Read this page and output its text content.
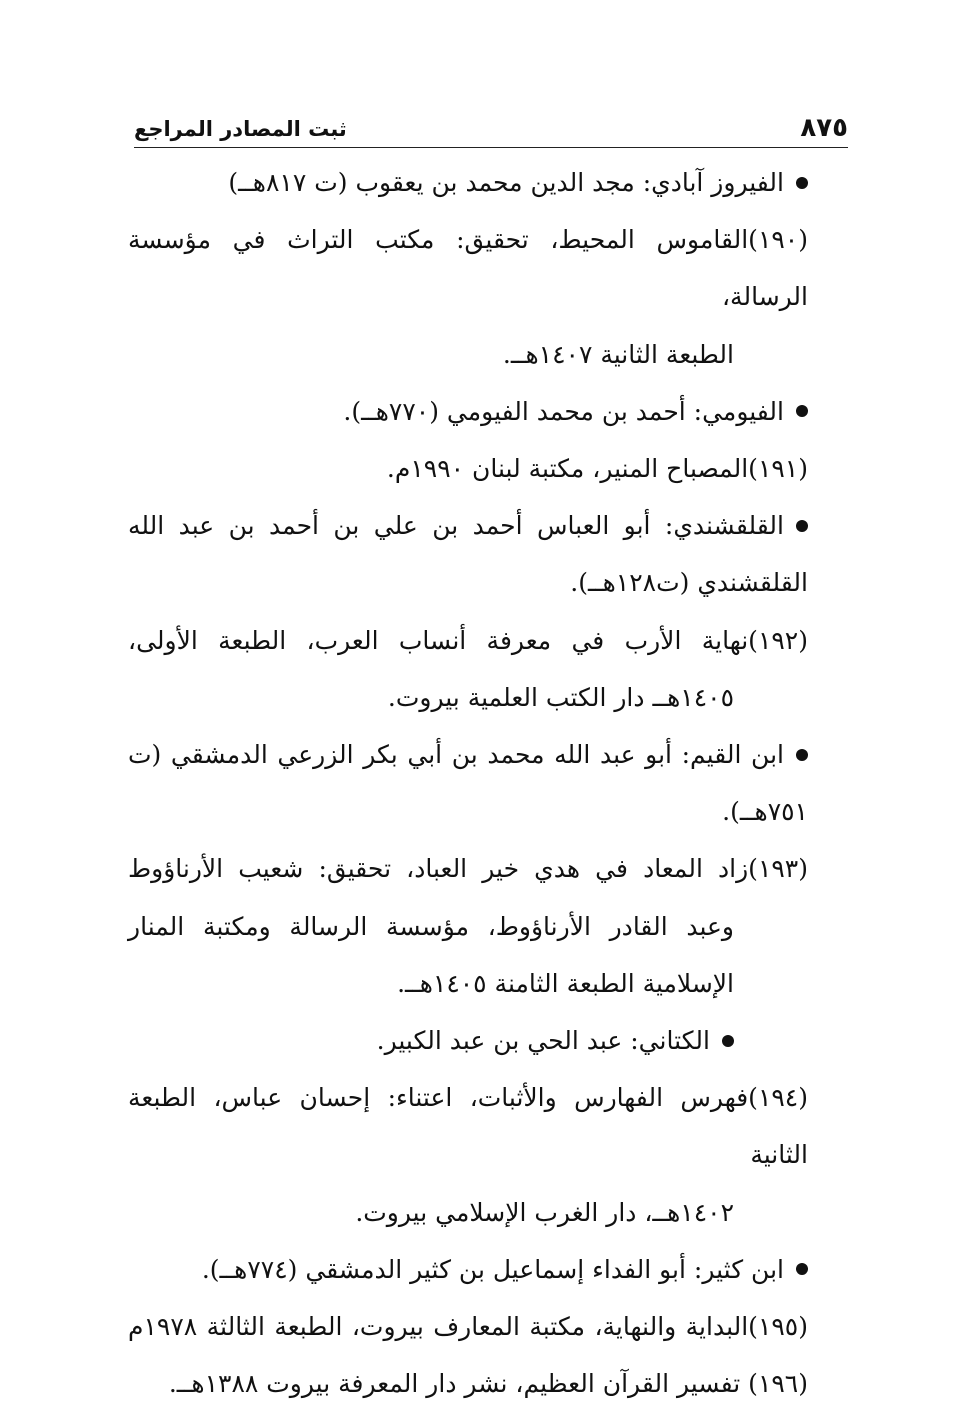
٨٧٥
ثبت المصادر المراجع

الفيروز آبادي: مجد الدين محمد بن يعقوب (ت ٨١٧هــ)

(١٩٠)القاموس المحيط، تحقيق: مكتب التراث في مؤسسة الرسالة،
الطبعة الثانية ١٤٠٧هــ.

الفيومي: أحمد بن محمد الفيومي (٧٧٠هــ).

(١٩١)المصباح المنير، مكتبة لبنان ١٩٩٠م.

القلقشندي: أبو العباس أحمد بن علي بن أحمد بن عبد الله
القلقشندي (ت١٢٨هــ).

(١٩٢)نهاية الأرب في معرفة أنساب العرب، الطبعة الأولى،
١٤٠٥هــ دار الكتب العلمية بيروت.

ابن القيم: أبو عبد الله محمد بن أبي بكر الزرعي الدمشقي (ت
٧٥١هــ).

(١٩٣)زاد المعاد في هدي خير العباد، تحقيق: شعيب الأرناؤوط
وعبد القادر الأرناؤوط، مؤسسة الرسالة ومكتبة المنار
الإسلامية الطبعة الثامنة ١٤٠٥هــ.

الكتاني: عبد الحي بن عبد الكبير.

(١٩٤)فهرس الفهارس والأثبات، اعتناء: إحسان عباس، الطبعة الثانية
١٤٠٢هــ، دار الغرب الإسلامي بيروت.

ابن كثير: أبو الفداء إسماعيل بن كثير الدمشقي (٧٧٤هــ).

(١٩٥)البداية والنهاية، مكتبة المعارف بيروت، الطبعة الثالثة ١٩٧٨م

(١٩٦) تفسير القرآن العظيم، نشر دار المعرفة بيروت ١٣٨٨هــ.
